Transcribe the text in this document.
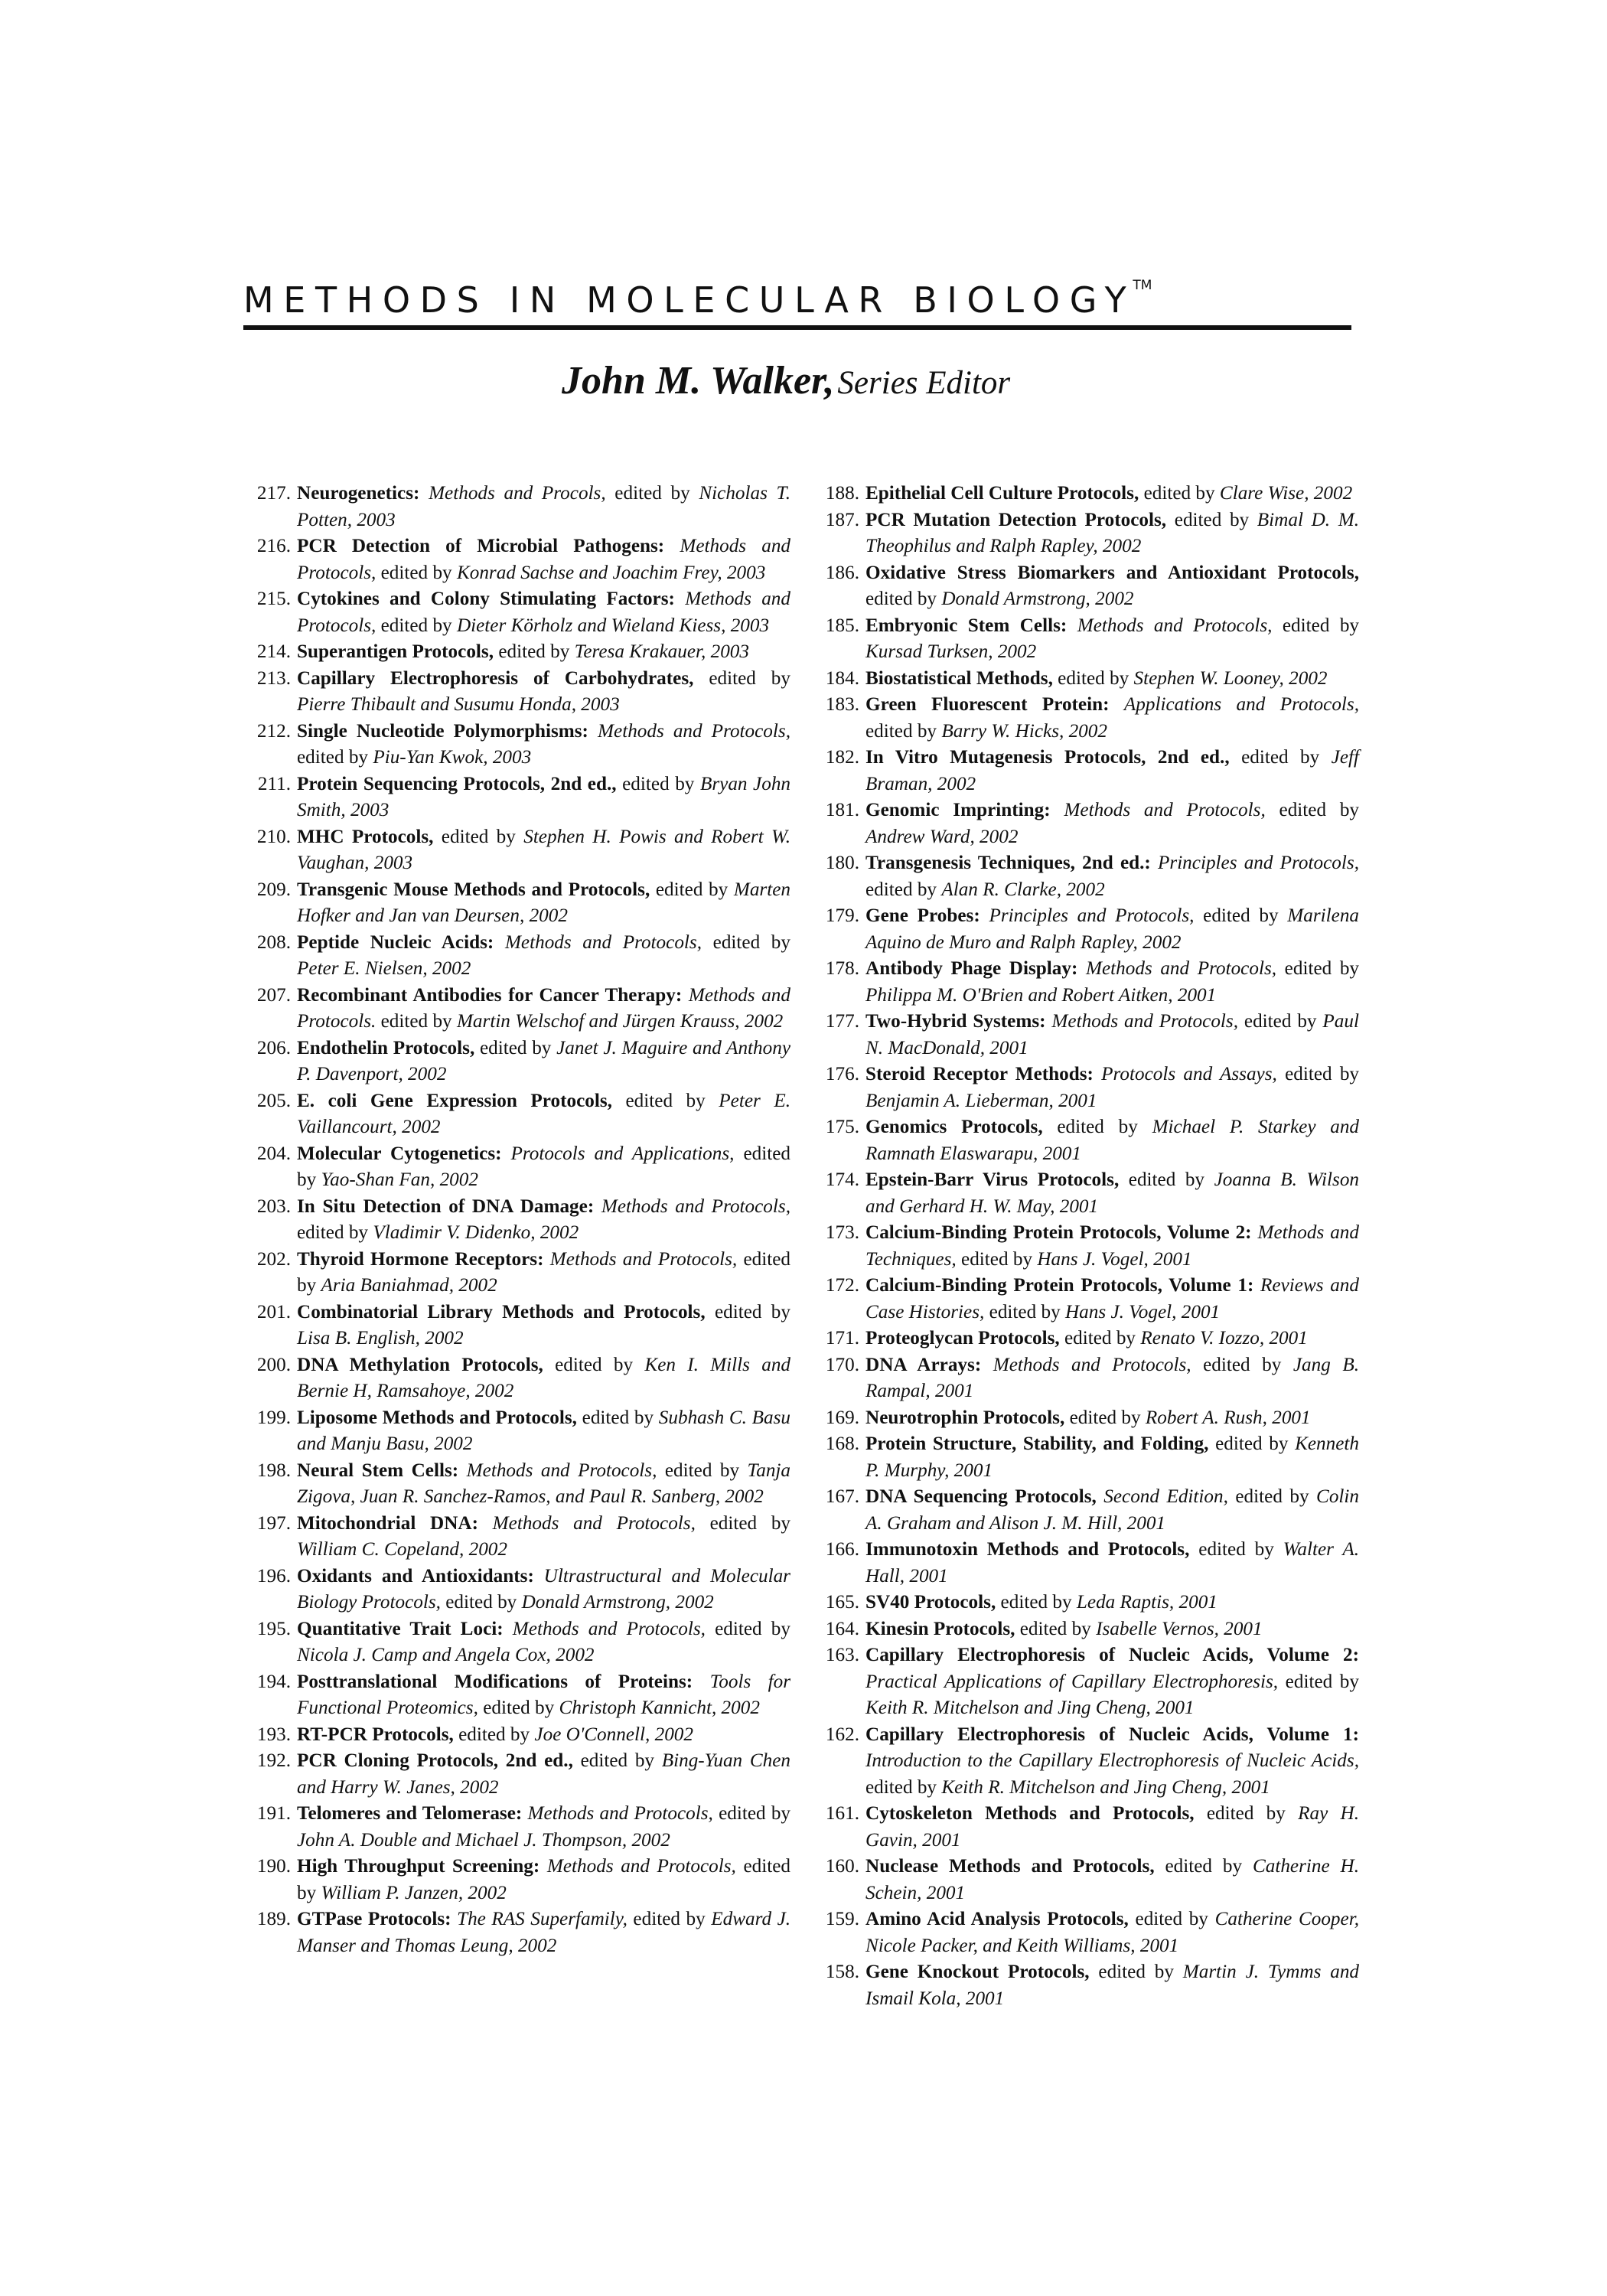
METHODS IN MOLECULAR BIOLOGY™
John M. Walker, Series Editor
217. Neurogenetics: Methods and Procols, edited by Nicholas T. Potten, 2003
216. PCR Detection of Microbial Pathogens: Methods and Protocols, edited by Konrad Sachse and Joachim Frey, 2003
215. Cytokines and Colony Stimulating Factors: Methods and Protocols, edited by Dieter Körholz and Wieland Kiess, 2003
214. Superantigen Protocols, edited by Teresa Krakauer, 2003
213. Capillary Electrophoresis of Carbohydrates, edited by Pierre Thibault and Susumu Honda, 2003
212. Single Nucleotide Polymorphisms: Methods and Protocols, edited by Piu-Yan Kwok, 2003
211. Protein Sequencing Protocols, 2nd ed., edited by Bryan John Smith, 2003
210. MHC Protocols, edited by Stephen H. Powis and Robert W. Vaughan, 2003
209. Transgenic Mouse Methods and Protocols, edited by Marten Hofker and Jan van Deursen, 2002
208. Peptide Nucleic Acids: Methods and Protocols, edited by Peter E. Nielsen, 2002
207. Recombinant Antibodies for Cancer Therapy: Methods and Protocols. edited by Martin Welschof and Jürgen Krauss, 2002
206. Endothelin Protocols, edited by Janet J. Maguire and Anthony P. Davenport, 2002
205. E. coli Gene Expression Protocols, edited by Peter E. Vaillancourt, 2002
204. Molecular Cytogenetics: Protocols and Applications, edited by Yao-Shan Fan, 2002
203. In Situ Detection of DNA Damage: Methods and Protocols, edited by Vladimir V. Didenko, 2002
202. Thyroid Hormone Receptors: Methods and Protocols, edited by Aria Baniahmad, 2002
201. Combinatorial Library Methods and Protocols, edited by Lisa B. English, 2002
200. DNA Methylation Protocols, edited by Ken I. Mills and Bernie H, Ramsahoye, 2002
199. Liposome Methods and Protocols, edited by Subhash C. Basu and Manju Basu, 2002
198. Neural Stem Cells: Methods and Protocols, edited by Tanja Zigova, Juan R. Sanchez-Ramos, and Paul R. Sanberg, 2002
197. Mitochondrial DNA: Methods and Protocols, edited by William C. Copeland, 2002
196. Oxidants and Antioxidants: Ultrastructural and Molecular Biology Protocols, edited by Donald Armstrong, 2002
195. Quantitative Trait Loci: Methods and Protocols, edited by Nicola J. Camp and Angela Cox, 2002
194. Posttranslational Modifications of Proteins: Tools for Functional Proteomics, edited by Christoph Kannicht, 2002
193. RT-PCR Protocols, edited by Joe O'Connell, 2002
192. PCR Cloning Protocols, 2nd ed., edited by Bing-Yuan Chen and Harry W. Janes, 2002
191. Telomeres and Telomerase: Methods and Protocols, edited by John A. Double and Michael J. Thompson, 2002
190. High Throughput Screening: Methods and Protocols, edited by William P. Janzen, 2002
189. GTPase Protocols: The RAS Superfamily, edited by Edward J. Manser and Thomas Leung, 2002
188. Epithelial Cell Culture Protocols, edited by Clare Wise, 2002
187. PCR Mutation Detection Protocols, edited by Bimal D. M. Theophilus and Ralph Rapley, 2002
186. Oxidative Stress Biomarkers and Antioxidant Protocols, edited by Donald Armstrong, 2002
185. Embryonic Stem Cells: Methods and Protocols, edited by Kursad Turksen, 2002
184. Biostatistical Methods, edited by Stephen W. Looney, 2002
183. Green Fluorescent Protein: Applications and Protocols, edited by Barry W. Hicks, 2002
182. In Vitro Mutagenesis Protocols, 2nd ed., edited by Jeff Braman, 2002
181. Genomic Imprinting: Methods and Protocols, edited by Andrew Ward, 2002
180. Transgenesis Techniques, 2nd ed.: Principles and Protocols, edited by Alan R. Clarke, 2002
179. Gene Probes: Principles and Protocols, edited by Marilena Aquino de Muro and Ralph Rapley, 2002
178. Antibody Phage Display: Methods and Protocols, edited by Philippa M. O'Brien and Robert Aitken, 2001
177. Two-Hybrid Systems: Methods and Protocols, edited by Paul N. MacDonald, 2001
176. Steroid Receptor Methods: Protocols and Assays, edited by Benjamin A. Lieberman, 2001
175. Genomics Protocols, edited by Michael P. Starkey and Ramnath Elaswarapu, 2001
174. Epstein-Barr Virus Protocols, edited by Joanna B. Wilson and Gerhard H. W. May, 2001
173. Calcium-Binding Protein Protocols, Volume 2: Methods and Techniques, edited by Hans J. Vogel, 2001
172. Calcium-Binding Protein Protocols, Volume 1: Reviews and Case Histories, edited by Hans J. Vogel, 2001
171. Proteoglycan Protocols, edited by Renato V. Iozzo, 2001
170. DNA Arrays: Methods and Protocols, edited by Jang B. Rampal, 2001
169. Neurotrophin Protocols, edited by Robert A. Rush, 2001
168. Protein Structure, Stability, and Folding, edited by Kenneth P. Murphy, 2001
167. DNA Sequencing Protocols, Second Edition, edited by Colin A. Graham and Alison J. M. Hill, 2001
166. Immunotoxin Methods and Protocols, edited by Walter A. Hall, 2001
165. SV40 Protocols, edited by Leda Raptis, 2001
164. Kinesin Protocols, edited by Isabelle Vernos, 2001
163. Capillary Electrophoresis of Nucleic Acids, Volume 2: Practical Applications of Capillary Electrophoresis, edited by Keith R. Mitchelson and Jing Cheng, 2001
162. Capillary Electrophoresis of Nucleic Acids, Volume 1: Introduction to the Capillary Electrophoresis of Nucleic Acids, edited by Keith R. Mitchelson and Jing Cheng, 2001
161. Cytoskeleton Methods and Protocols, edited by Ray H. Gavin, 2001
160. Nuclease Methods and Protocols, edited by Catherine H. Schein, 2001
159. Amino Acid Analysis Protocols, edited by Catherine Cooper, Nicole Packer, and Keith Williams, 2001
158. Gene Knockout Protocols, edited by Martin J. Tymms and Ismail Kola, 2001
